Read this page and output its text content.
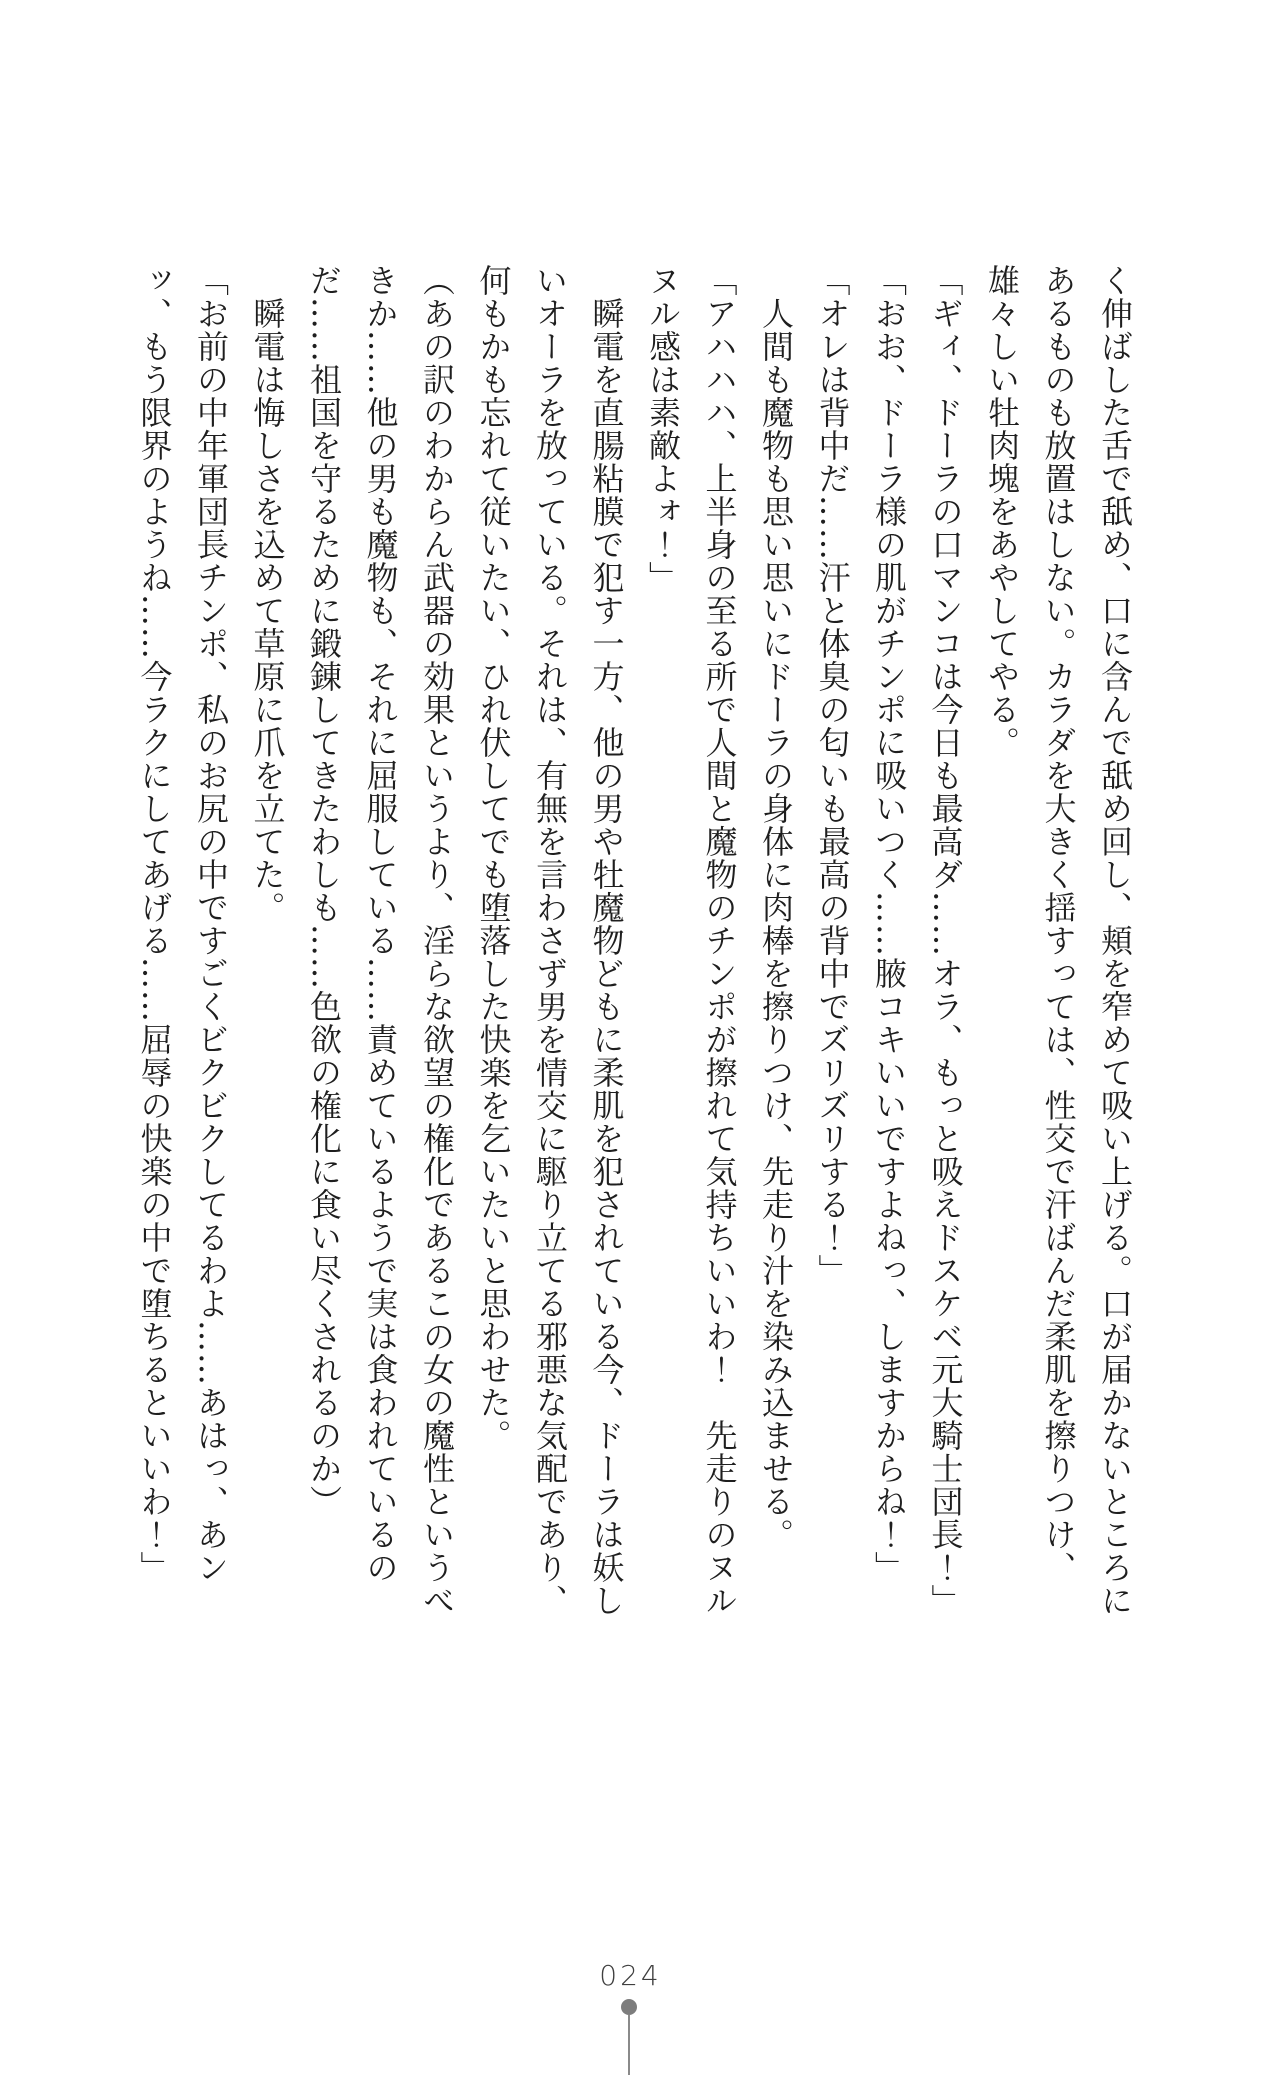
く伸ばした舌で舐め、口に含んで舐め回し、頬を窄めて吸い上げる。口が届かないところにあるものも放置はしない。カラダを大きく揺すっては、性交で汗ばんだ柔肌を擦りつけ、雄々しい牡肉塊をあやしてやる。

「ギィ、ドーラの口マンコは今日も最高ダ……オラ、もっと吸えドスケベ元大騎士団長！」

「おお、ドーラ様の肌がチンポに吸いつく……腋コキいいですよねっ、しますからね！」

「オレは背中だ……汗と体臭の匂いも最高の背中でズリズリする！」

　人間も魔物も思い思いにドーラの身体に肉棒を擦りつけ、先走り汁を染み込ませる。

「アハハハ、上半身の至る所で人間と魔物のチンポが擦れて気持ちいいわ！　先走りのヌルヌル感は素敵よォ！」

　瞬電を直腸粘膜で犯す一方、他の男や牡魔物どもに柔肌を犯されている今、ドーラは妖しいオーラを放っている。それは、有無を言わさず男を情交に駆り立てる邪悪な気配であり、何もかも忘れて従いたい、ひれ伏してでも堕落した快楽を乞いたいと思わせた。

（あの訳のわからん武器の効果というより、淫らな欲望の権化であるこの女の魔性というべきか……他の男も魔物も、それに屈服している……責めているようで実は食われているのだ……祖国を守るために鍛錬してきたわしも……色欲の権化に食い尽くされるのか）

　瞬電は悔しさを込めて草原に爪を立てた。

「お前の中年軍団長チンポ、私のお尻の中ですごくビクビクしてるわよ……あはっ、あンッ、もう限界のようね……今ラクにしてあげる……屈辱の快楽の中で堕ちるといいわ！」

024
